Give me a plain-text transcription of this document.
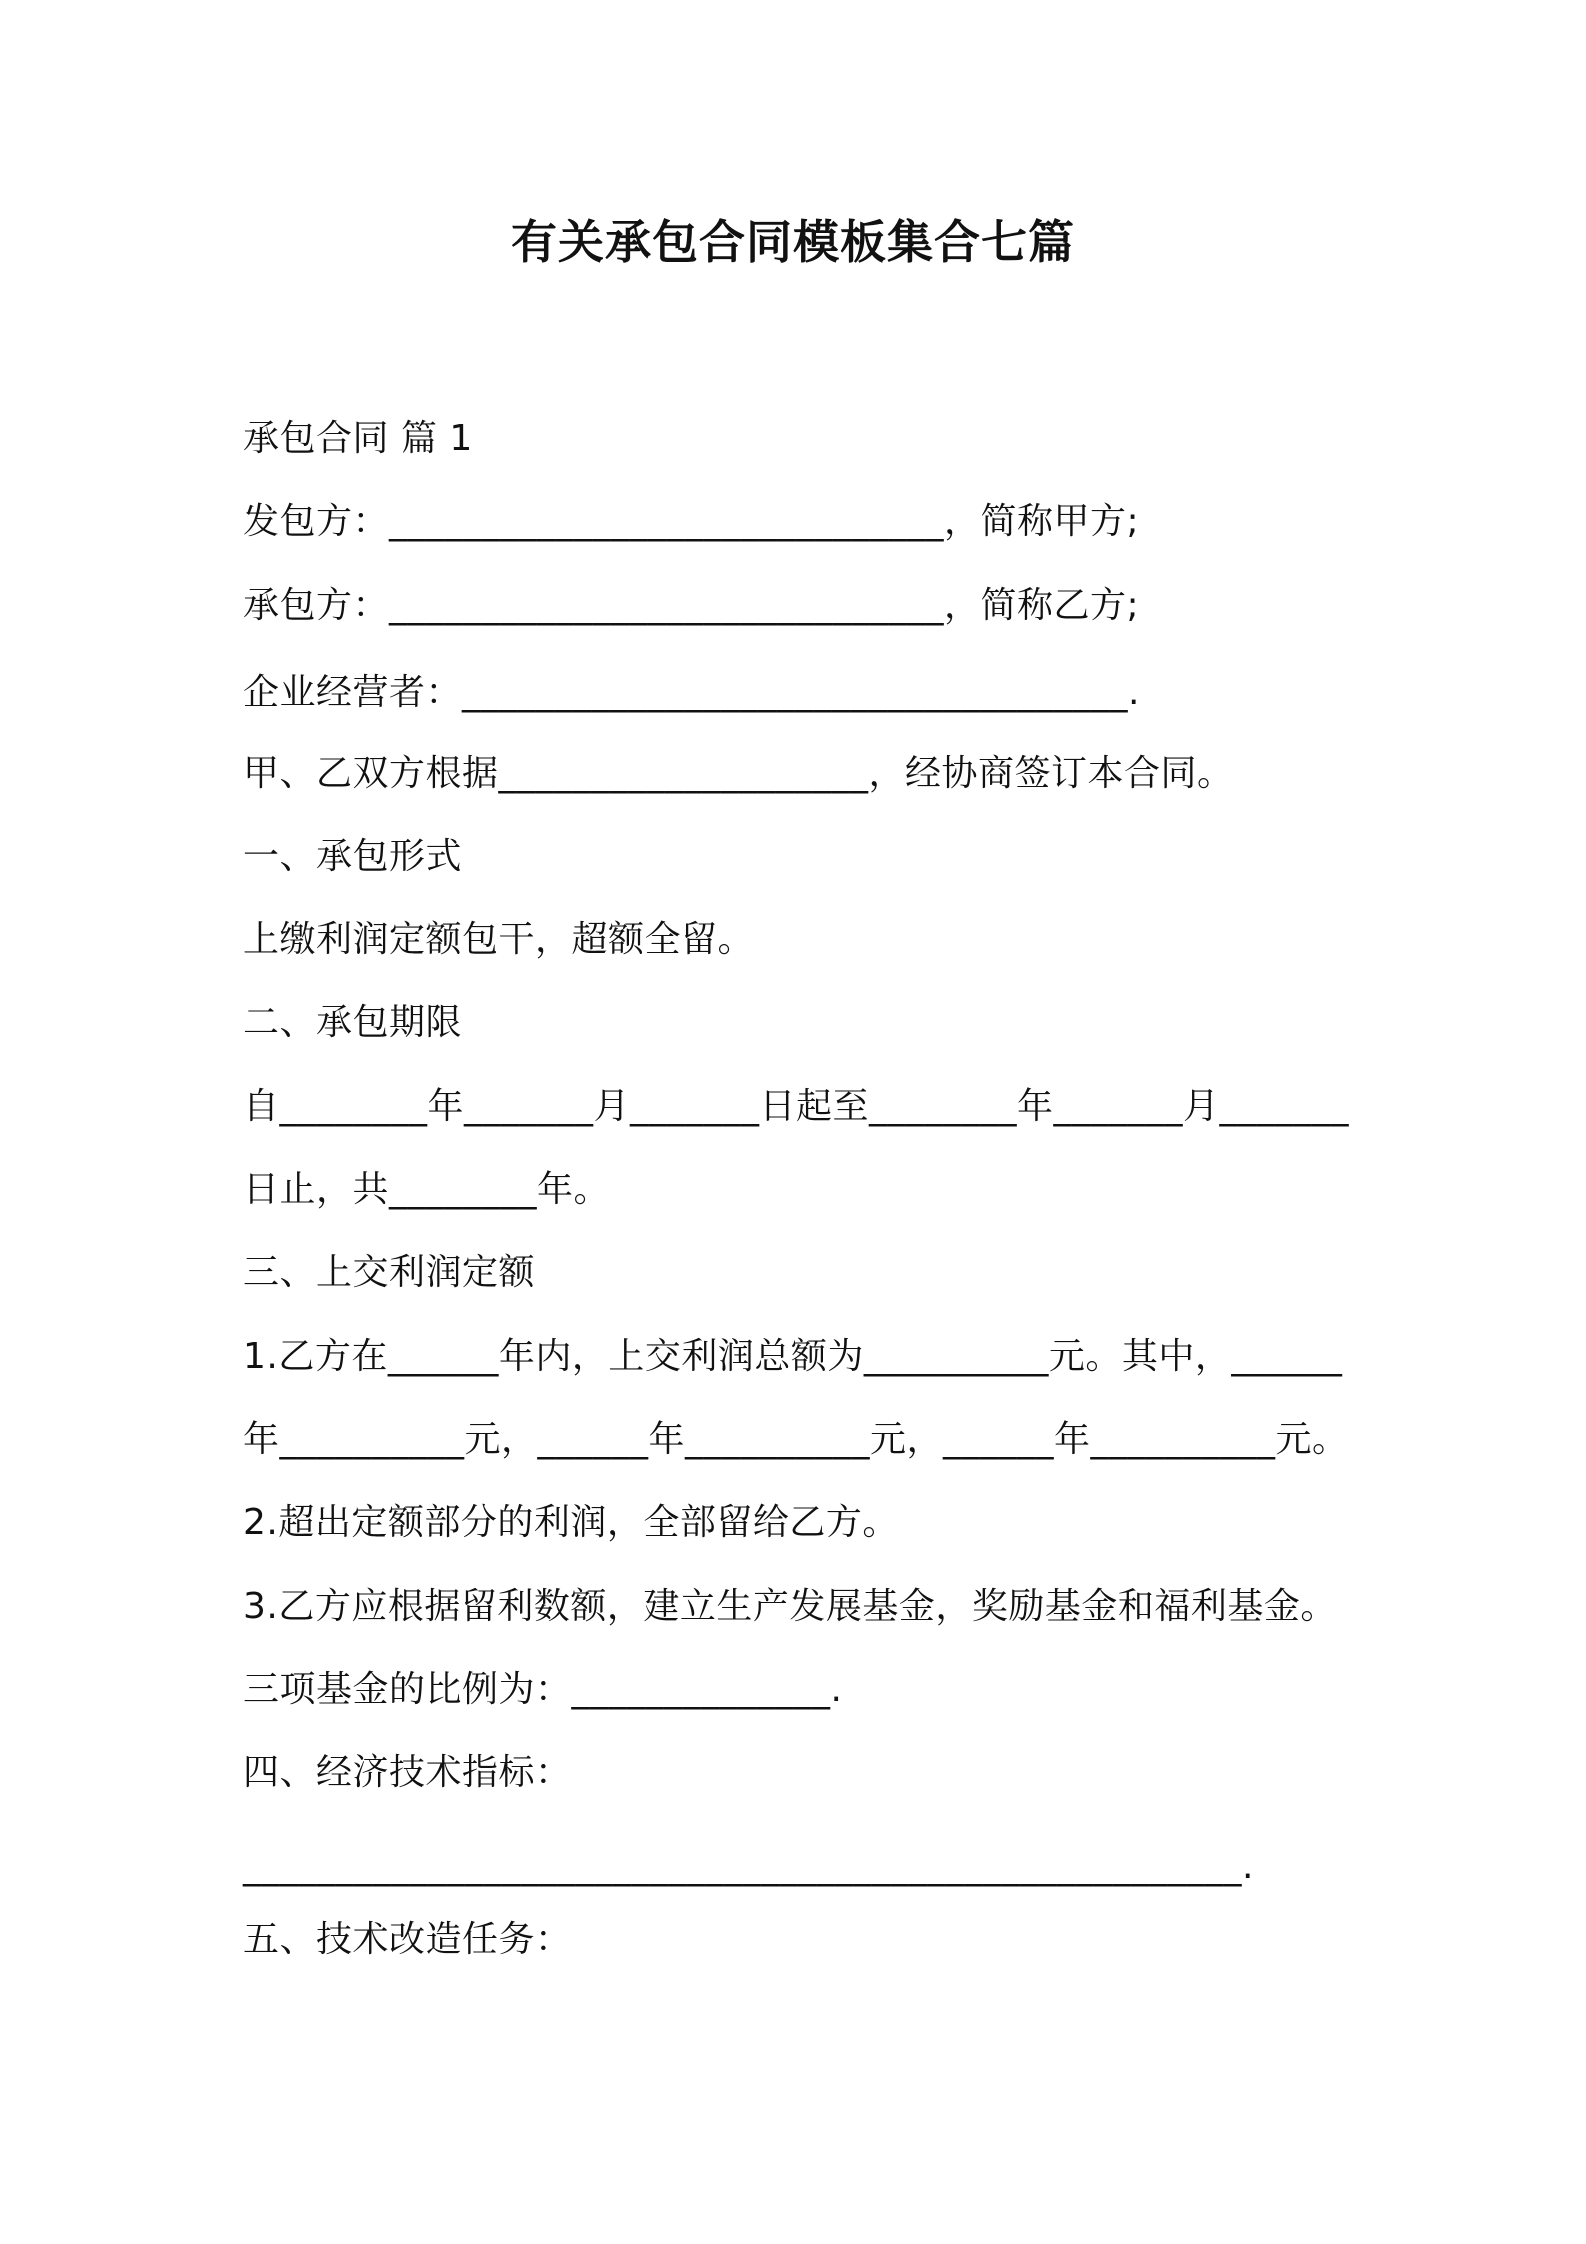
有关承包合同模板集合七篇
承包合同 篇 1
发包方：______________________________，简称甲方;
承包方：______________________________，简称乙方;
企业经营者：____________________________________.
甲、乙双方根据____________________，经协商签订本合同。
一、承包形式
上缴利润定额包干，超额全留。
二、承包期限
自________年_______月_______日起至________年_______月_______
日止，共________年。
三、上交利润定额
1.乙方在______年内，上交利润总额为__________元。其中，______
年__________元，______年__________元，______年__________元。
2.超出定额部分的利润，全部留给乙方。
3.乙方应根据留利数额，建立生产发展基金，奖励基金和福利基金。
三项基金的比例为：______________.
四、经济技术指标：
______________________________________________________.
五、技术改造任务：
